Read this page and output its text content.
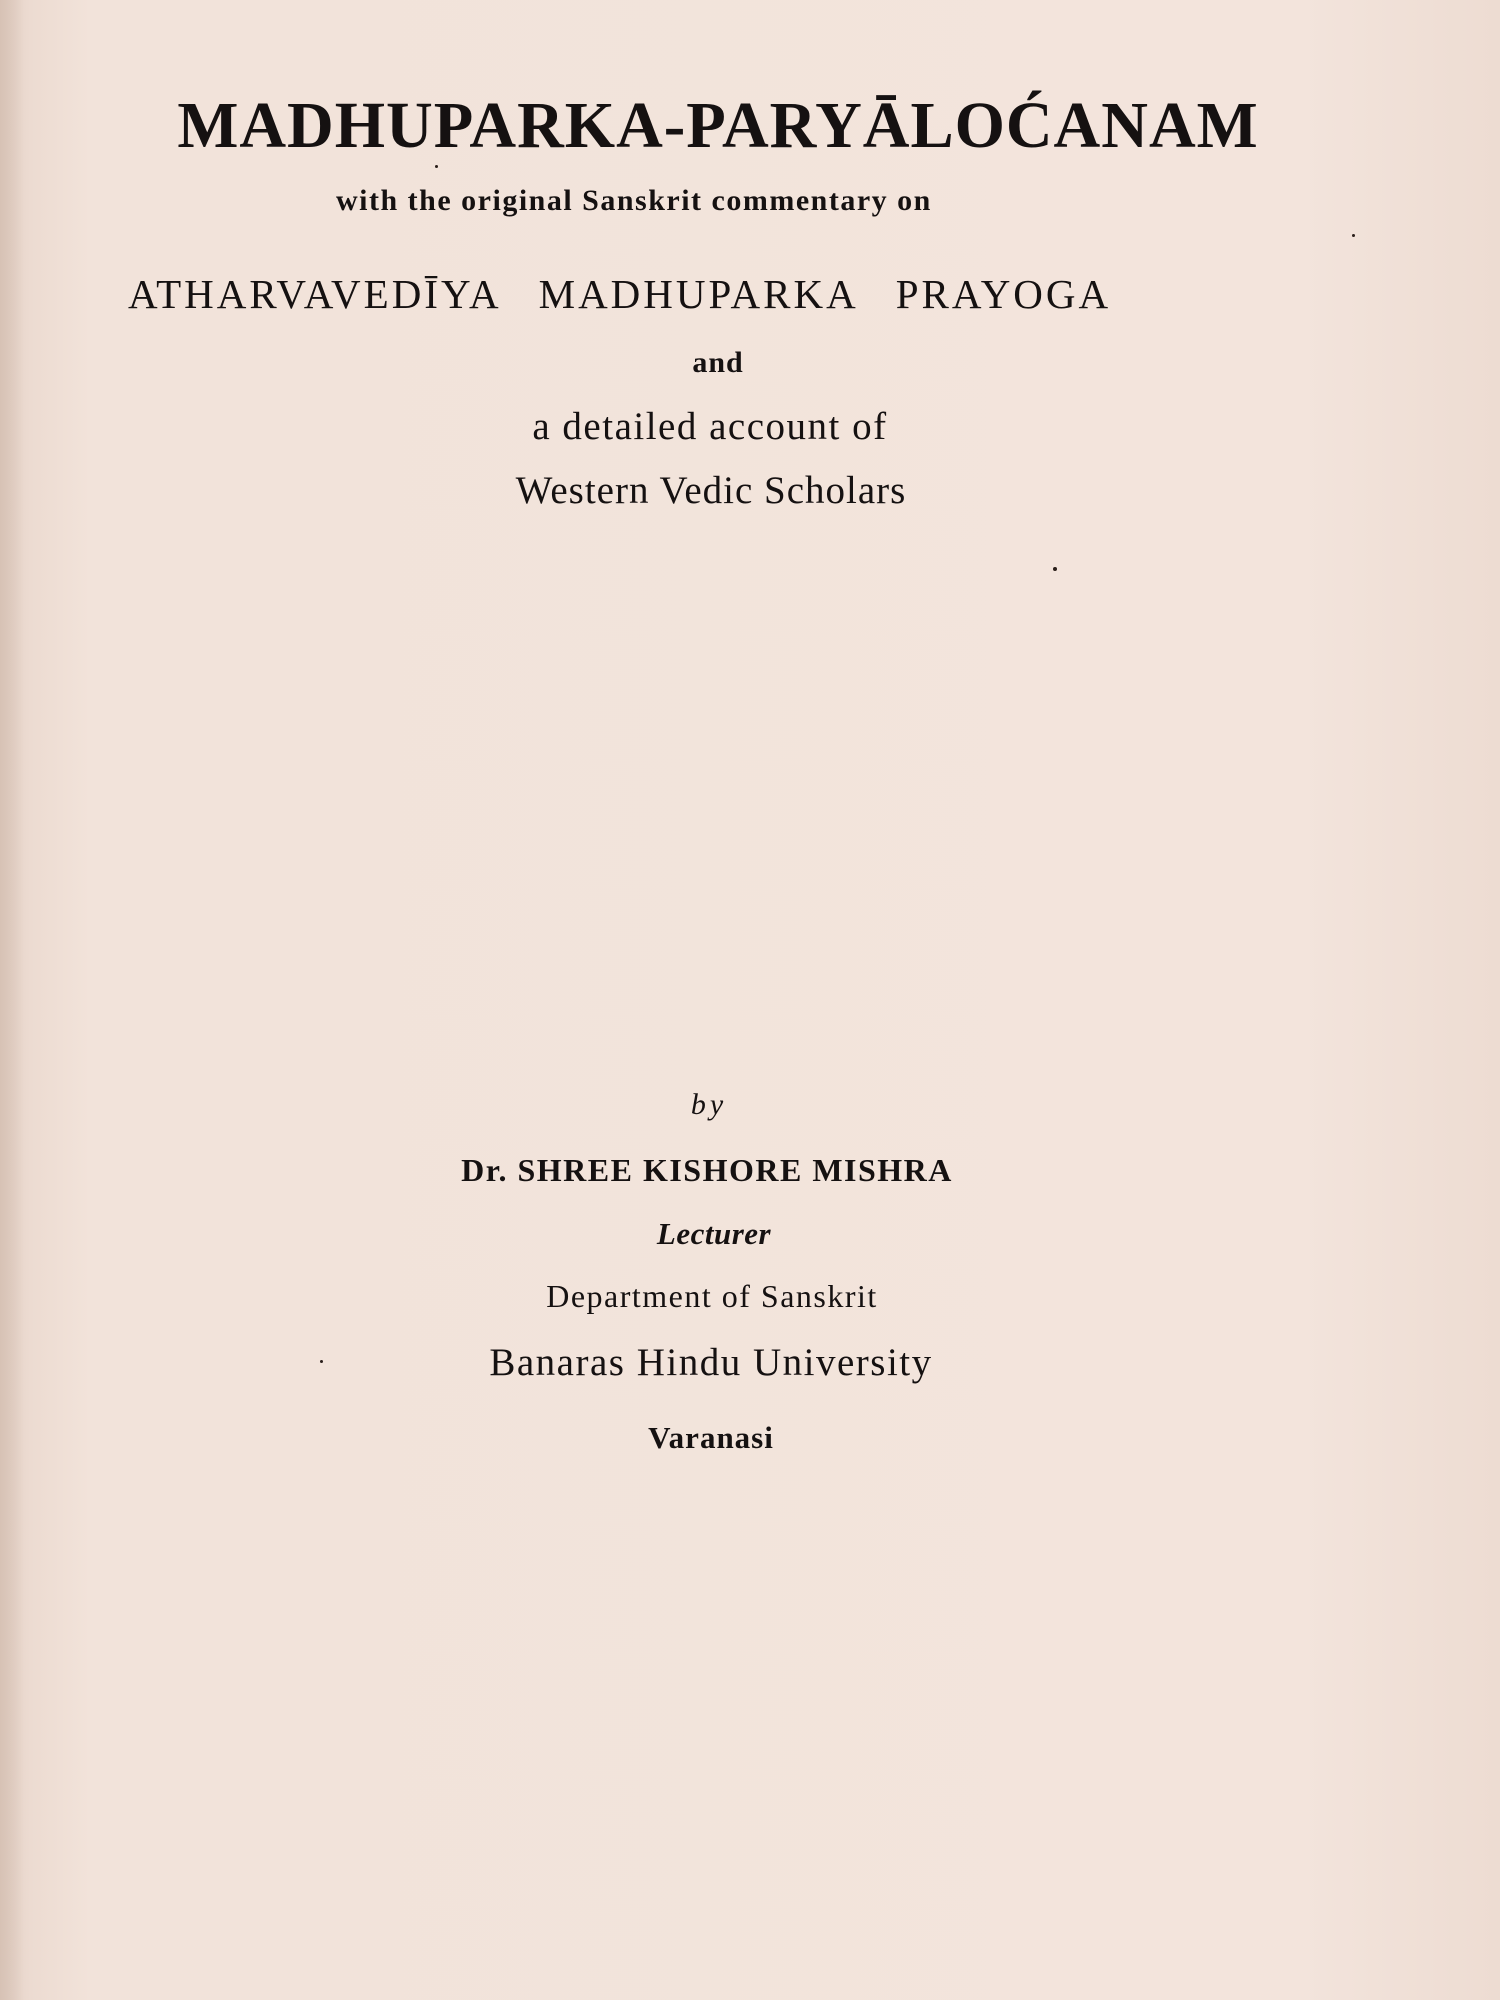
MADHUPARKA-PARYĀLOĆANAM

with the original Sanskrit commentary on

ATHARVAVEDĪYA MADHUPARKA PRAYOGA

and

a detailed account of

Western Vedic Scholars

by

Dr. SHREE KISHORE MISHRA

Lecturer

Department of Sanskrit

Banaras Hindu University

Varanasi
